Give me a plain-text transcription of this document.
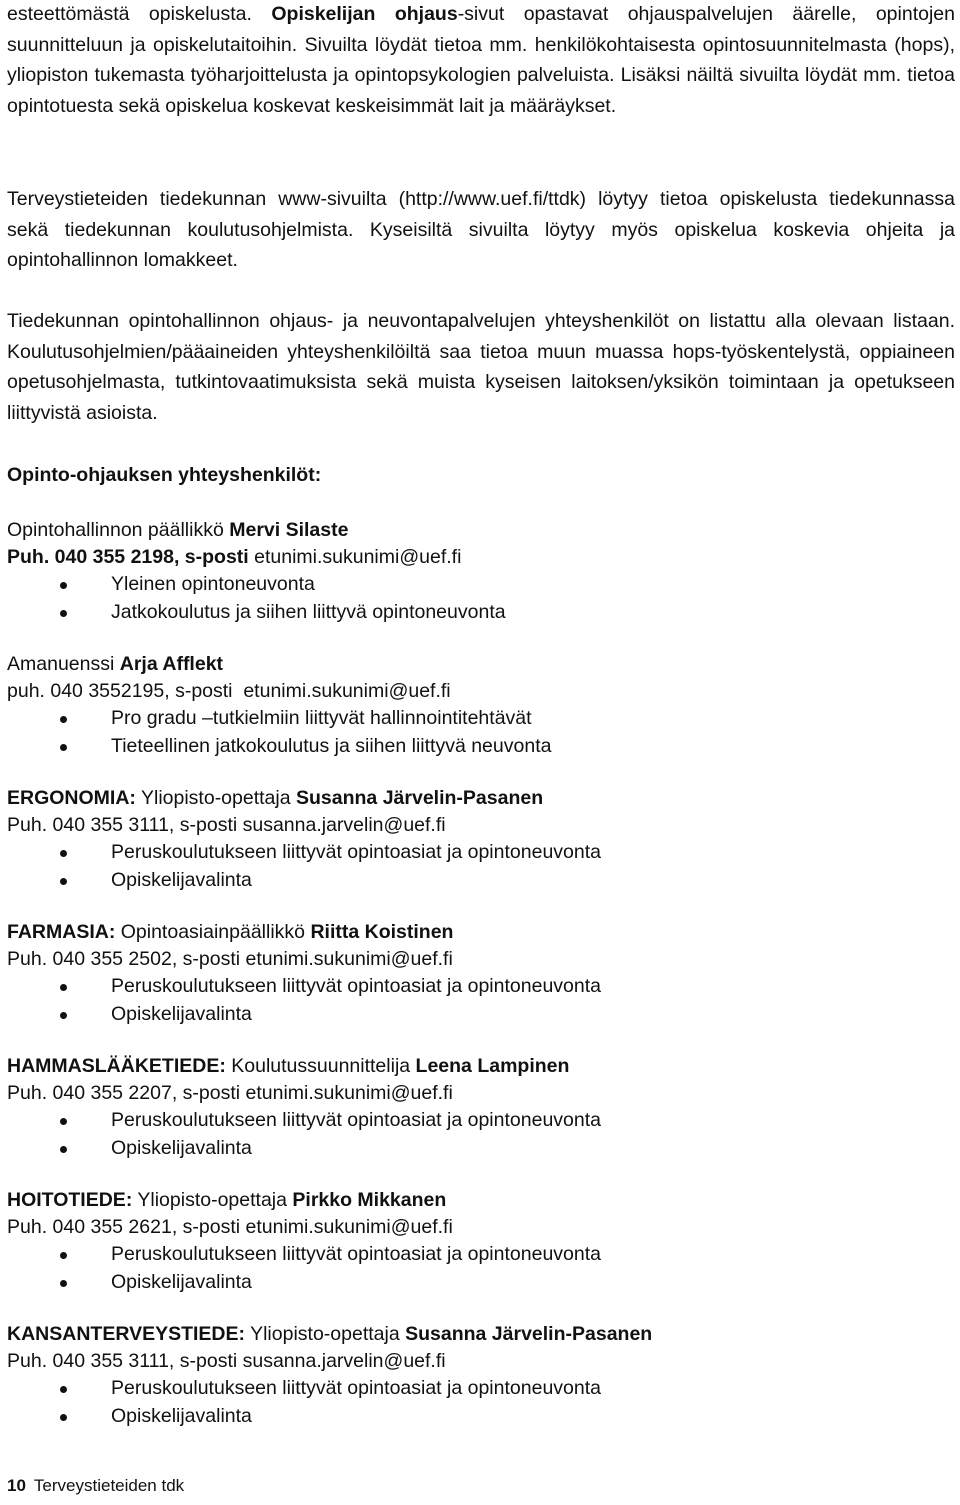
esteettömästä opiskelusta. Opiskelijan ohjaus-sivut opastavat ohjauspalvelujen äärelle, opintojen suunnitteluun ja opiskelutaitoihin. Sivuilta löydät tietoa mm. henkilökohtaisesta opintosuunnitelmasta (hops), yliopiston tukemasta työharjoittelusta ja opintopsykologien palveluista. Lisäksi näiltä sivuilta löydät mm. tietoa opintotuesta sekä opiskelua koskevat keskeisimmät lait ja määräykset.

Terveystieteiden tiedekunnan www-sivuilta (http://www.uef.fi/ttdk) löytyy tietoa opiskelusta tiedekunnassa sekä tiedekunnan koulutusohjelmista. Kyseisiltä sivuilta löytyy myös opiskelua koskevia ohjeita ja opintohallinnon lomakkeet.

Tiedekunnan opintohallinnon ohjaus- ja neuvontapalvelujen yhteyshenkilöt on listattu alla olevaan listaan. Koulutusohjelmien/pääaineiden yhteyshenkilöiltä saa tietoa muun muassa hops-työskentelystä, oppiaineen opetusohjelmasta, tutkintovaatimuksista sekä muista kyseisen laitoksen/yksikön toimintaan ja opetukseen liittyvistä asioista.

Opinto-ohjauksen yhteyshenkilöt:
Opintohallinnon päällikkö Mervi Silaste
Puh. 040 355 2198, s-posti etunimi.sukunimi@uef.fi
Yleinen opintoneuvonta
Jatkokoulutus ja siihen liittyvä opintoneuvonta
Amanuenssi Arja Afflekt
puh. 040 3552195, s-posti  etunimi.sukunimi@uef.fi
Pro gradu –tutkielmiin liittyvät hallinnointitehtävät
Tieteellinen jatkokoulutus ja siihen liittyvä neuvonta
ERGONOMIA: Yliopisto-opettaja Susanna Järvelin-Pasanen
Puh. 040 355 3111, s-posti susanna.jarvelin@uef.fi
Peruskoulutukseen liittyvät opintoasiat ja opintoneuvonta
Opiskelijavalinta
FARMASIA: Opintoasiainpäällikkö Riitta Koistinen
Puh. 040 355 2502, s-posti etunimi.sukunimi@uef.fi
Peruskoulutukseen liittyvät opintoasiat ja opintoneuvonta
Opiskelijavalinta
HAMMASLÄÄKETIEDE: Koulutussuunnittelija Leena Lampinen
Puh. 040 355 2207, s-posti etunimi.sukunimi@uef.fi
Peruskoulutukseen liittyvät opintoasiat ja opintoneuvonta
Opiskelijavalinta
HOITOTIEDE: Yliopisto-opettaja Pirkko Mikkanen
Puh. 040 355 2621, s-posti etunimi.sukunimi@uef.fi
Peruskoulutukseen liittyvät opintoasiat ja opintoneuvonta
Opiskelijavalinta
KANSANTERVEYSTIEDE: Yliopisto-opettaja Susanna Järvelin-Pasanen
Puh. 040 355 3111, s-posti susanna.jarvelin@uef.fi
Peruskoulutukseen liittyvät opintoasiat ja opintoneuvonta
Opiskelijavalinta
10 Terveystieteiden tdk
